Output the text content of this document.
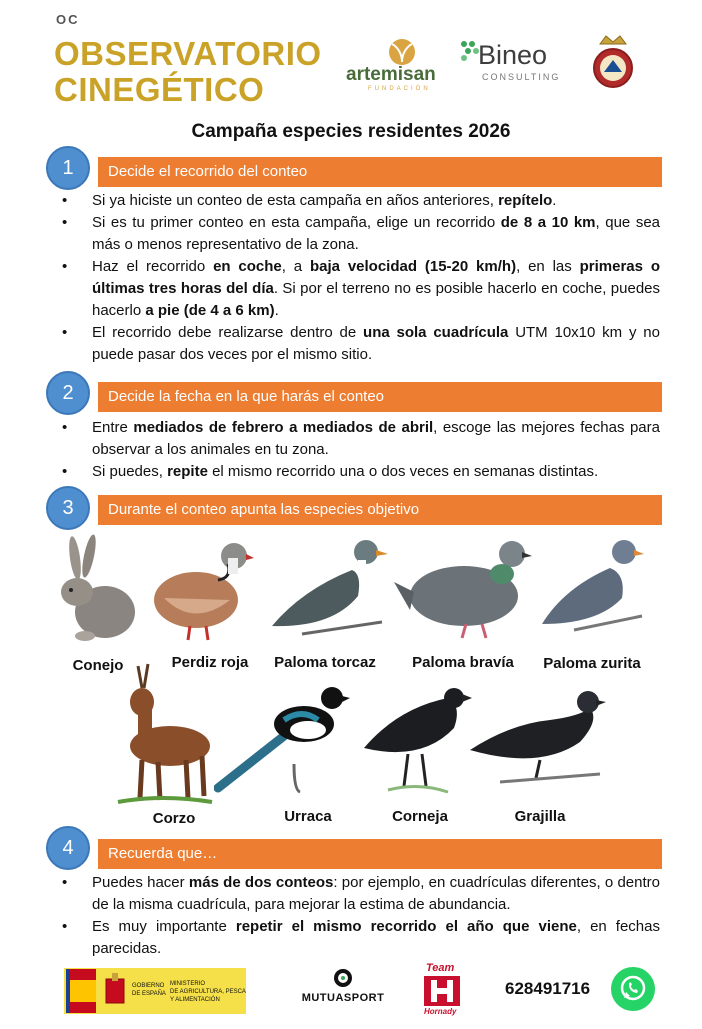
OC
OBSERVATORIO
CINEGÉTICO	artemisan
FUNDACIÓN
Bineo
CONSULTING
Campaña especies residentes 2026
Decide el recorrido del conteo
1
• Si ya hiciste un conteo de esta campaña en años anteriores, repítelo.
• Si es tu primer conteo en esta campaña, elige un recorrido de 8 a 10 km, que sea más o menos representativo de la zona.
• Haz el recorrido en coche, a baja velocidad (15-20 km/h), en las primeras o últimas tres horas del día. Si por el terreno no es posible hacerlo en coche, puedes hacerlo a pie (de 4 a 6 km).
• El recorrido debe realizarse dentro de una sola cuadrícula UTM 10x10 km y no puede pasar dos veces por el mismo sitio.
Decide la fecha en la que harás el conteo
2
• Entre mediados de febrero a mediados de abril, escoge las mejores fechas para observar a los animales en tu zona.
• Si puedes, repite el mismo recorrido una o dos veces en semanas distintas.
Durante el conteo apunta las especies objetivo
3
Conejo	Perdiz roja	Paloma torcaz	Paloma bravía	Paloma zurita
Corzo	Urraca	Corneja	Grajilla
Recuerda que…
4
• Puedes hacer más de dos conteos: por ejemplo, en cuadrículas diferentes, o dentro de la misma cuadrícula, para mejorar la estima de abundancia.
• Es muy importante repetir el mismo recorrido el año que viene, en fechas parecidas.
GOBIERNO
DE ESPAÑA
MINISTERIO
DE AGRICULTURA, PESCA
Y ALIMENTACIÓN	MUTUASPORT
Team
Hornady
628491716
